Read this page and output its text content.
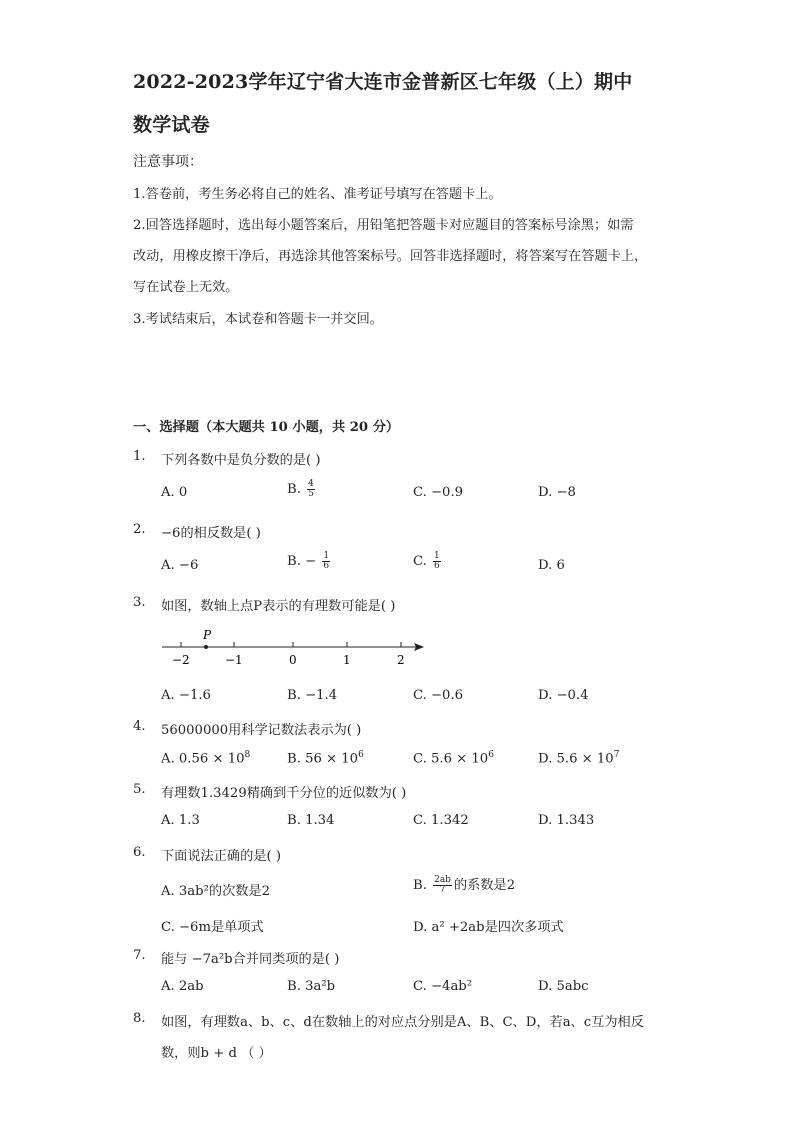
2022-2023学年辽宁省大连市金普新区七年级（上）期中
数学试卷
注意事项：
1.答卷前，考生务必将自己的姓名、准考证号填写在答题卡上。
2.回答选择题时，选出每小题答案后，用铅笔把答题卡对应题目的答案标号涂黑；如需
改动，用橡皮擦干净后，再选涂其他答案标号。回答非选择题时，将答案写在答题卡上，
写在试卷上无效。
3.考试结束后，本试卷和答题卡一并交回。
一、选择题（本大题共 10 小题，共 20 分）
1. 下列各数中是负分数的是( )
A. 0	B. $\frac{4}{5}$	C. −0.9	D. −8
2. −6的相反数是( )
A. −6	B. − $\frac{1}{6}$	C. $\frac{1}{6}$	D. 6
3. 如图，数轴上点P表示的有理数可能是( )
P
−2	−1	0	1	2
A. −1.6	B. −1.4	C. −0.6	D. −0.4
4. 56000000用科学记数法表示为( )
A. $0.56 \times 10^8$	B. $56 \times 10^6$	C. $5.6 \times 10^6$	D. $5.6 \times 10^7$
5. 有理数1.3429精确到千分位的近似数为( )
A. 1.3	B. 1.34	C. 1.342	D. 1.343
6. 下面说法正确的是( )
A. 3ab²的次数是2	B. $\frac{2ab}{7}$ 的系数是2
C. −6m是单项式	D. a² +2ab是四次多项式
7. 能与 −7a²b合并同类项的是( )
A. 2ab	B. 3a²b	C. −4ab²	D. 5abc
8. 如图，有理数a、b、c、d在数轴上的对应点分别是A、B、C、D，若a、c互为相反
数，则b + d （ ）
